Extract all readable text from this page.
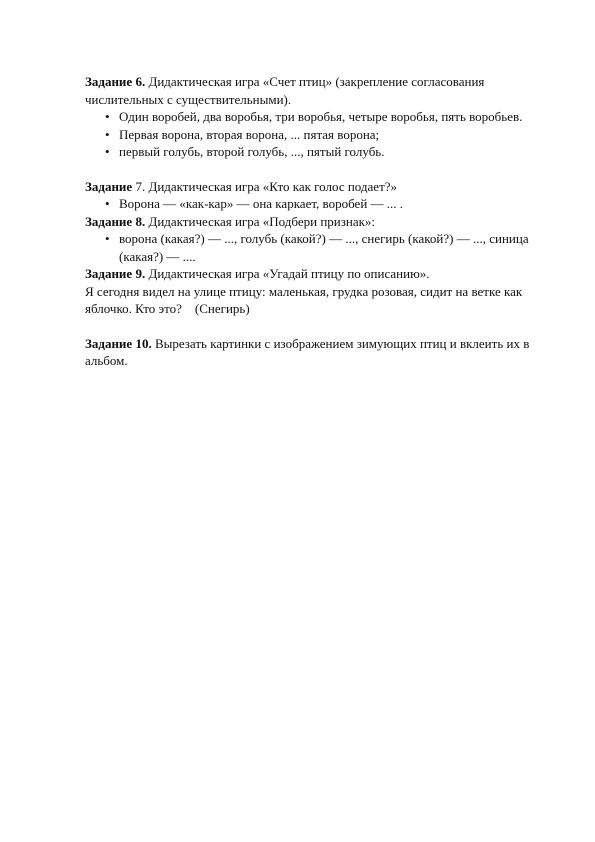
Задание 6. Дидактическая игра «Счет птиц» (закрепление согласования числительных с существительными).

• Один воробей, два воробья, три воробья, четыре воробья, пять воробьев.
• Первая ворона, вторая ворона, ... пятая ворона;
• первый голубь, второй голубь, ..., пятый голубь.

Задание 7. Дидактическая игра «Кто как голос подает?»

• Ворона — «как-кар» — она каркает, воробей — ... .

Задание 8. Дидактическая игра «Подбери признак»:

• ворона (какая?) — ..., голубь (какой?) — ..., снегирь (какой?) — ..., синица (какая?) — ....

Задание 9. Дидактическая игра «Угадай птицу по описанию».

Я сегодня видел на улице птицу: маленькая, грудка розовая, сидит на ветке как яблочко. Кто это?    (Снегирь)

Задание 10. Вырезать картинки с изображением зимующих птиц и вклеить их в альбом.
